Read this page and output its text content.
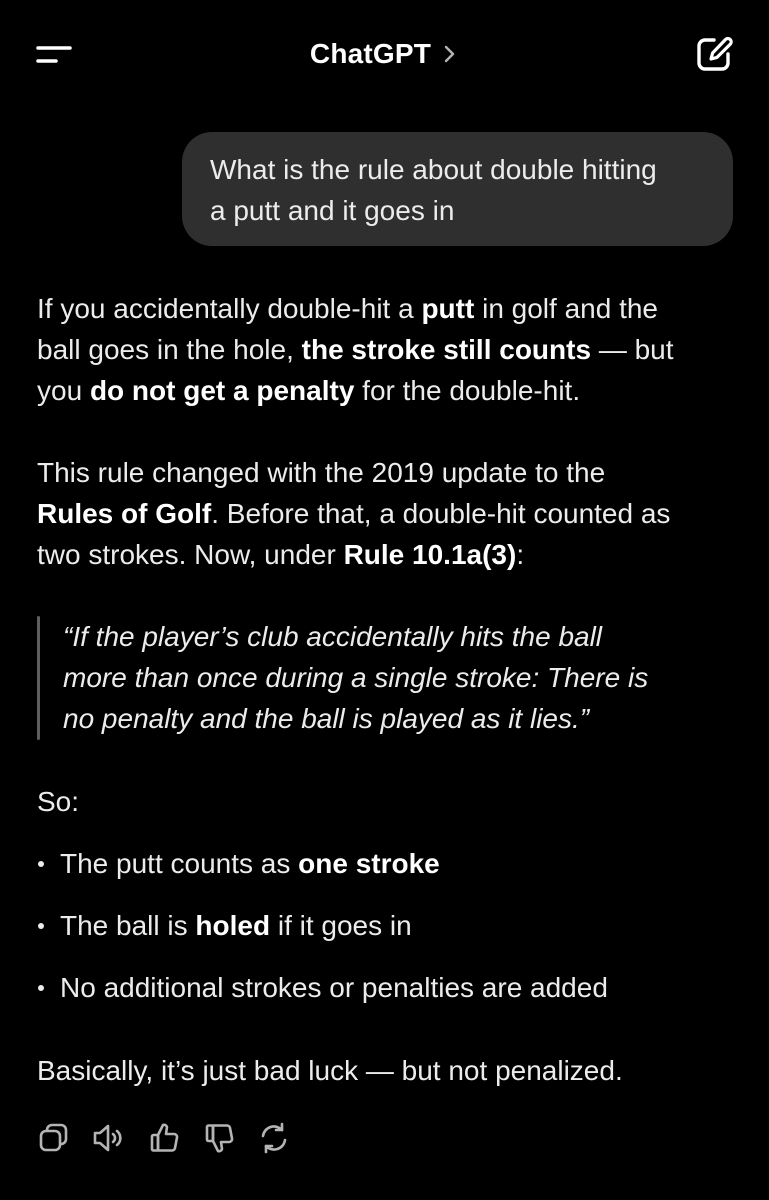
ChatGPT
What is the rule about double hitting
a putt and it goes in

If you accidentally double-hit a putt in golf and the
ball goes in the hole, the stroke still counts — but
you do not get a penalty for the double-hit.

This rule changed with the 2019 update to the
Rules of Golf. Before that, a double-hit counted as
two strokes. Now, under Rule 10.1a(3):

“If the player’s club accidentally hits the ball
more than once during a single stroke: There is
no penalty and the ball is played as it lies.”
So:
The putt counts as one stroke
The ball is holed if it goes in
No additional strokes or penalties are added
Basically, it’s just bad luck — but not penalized.
